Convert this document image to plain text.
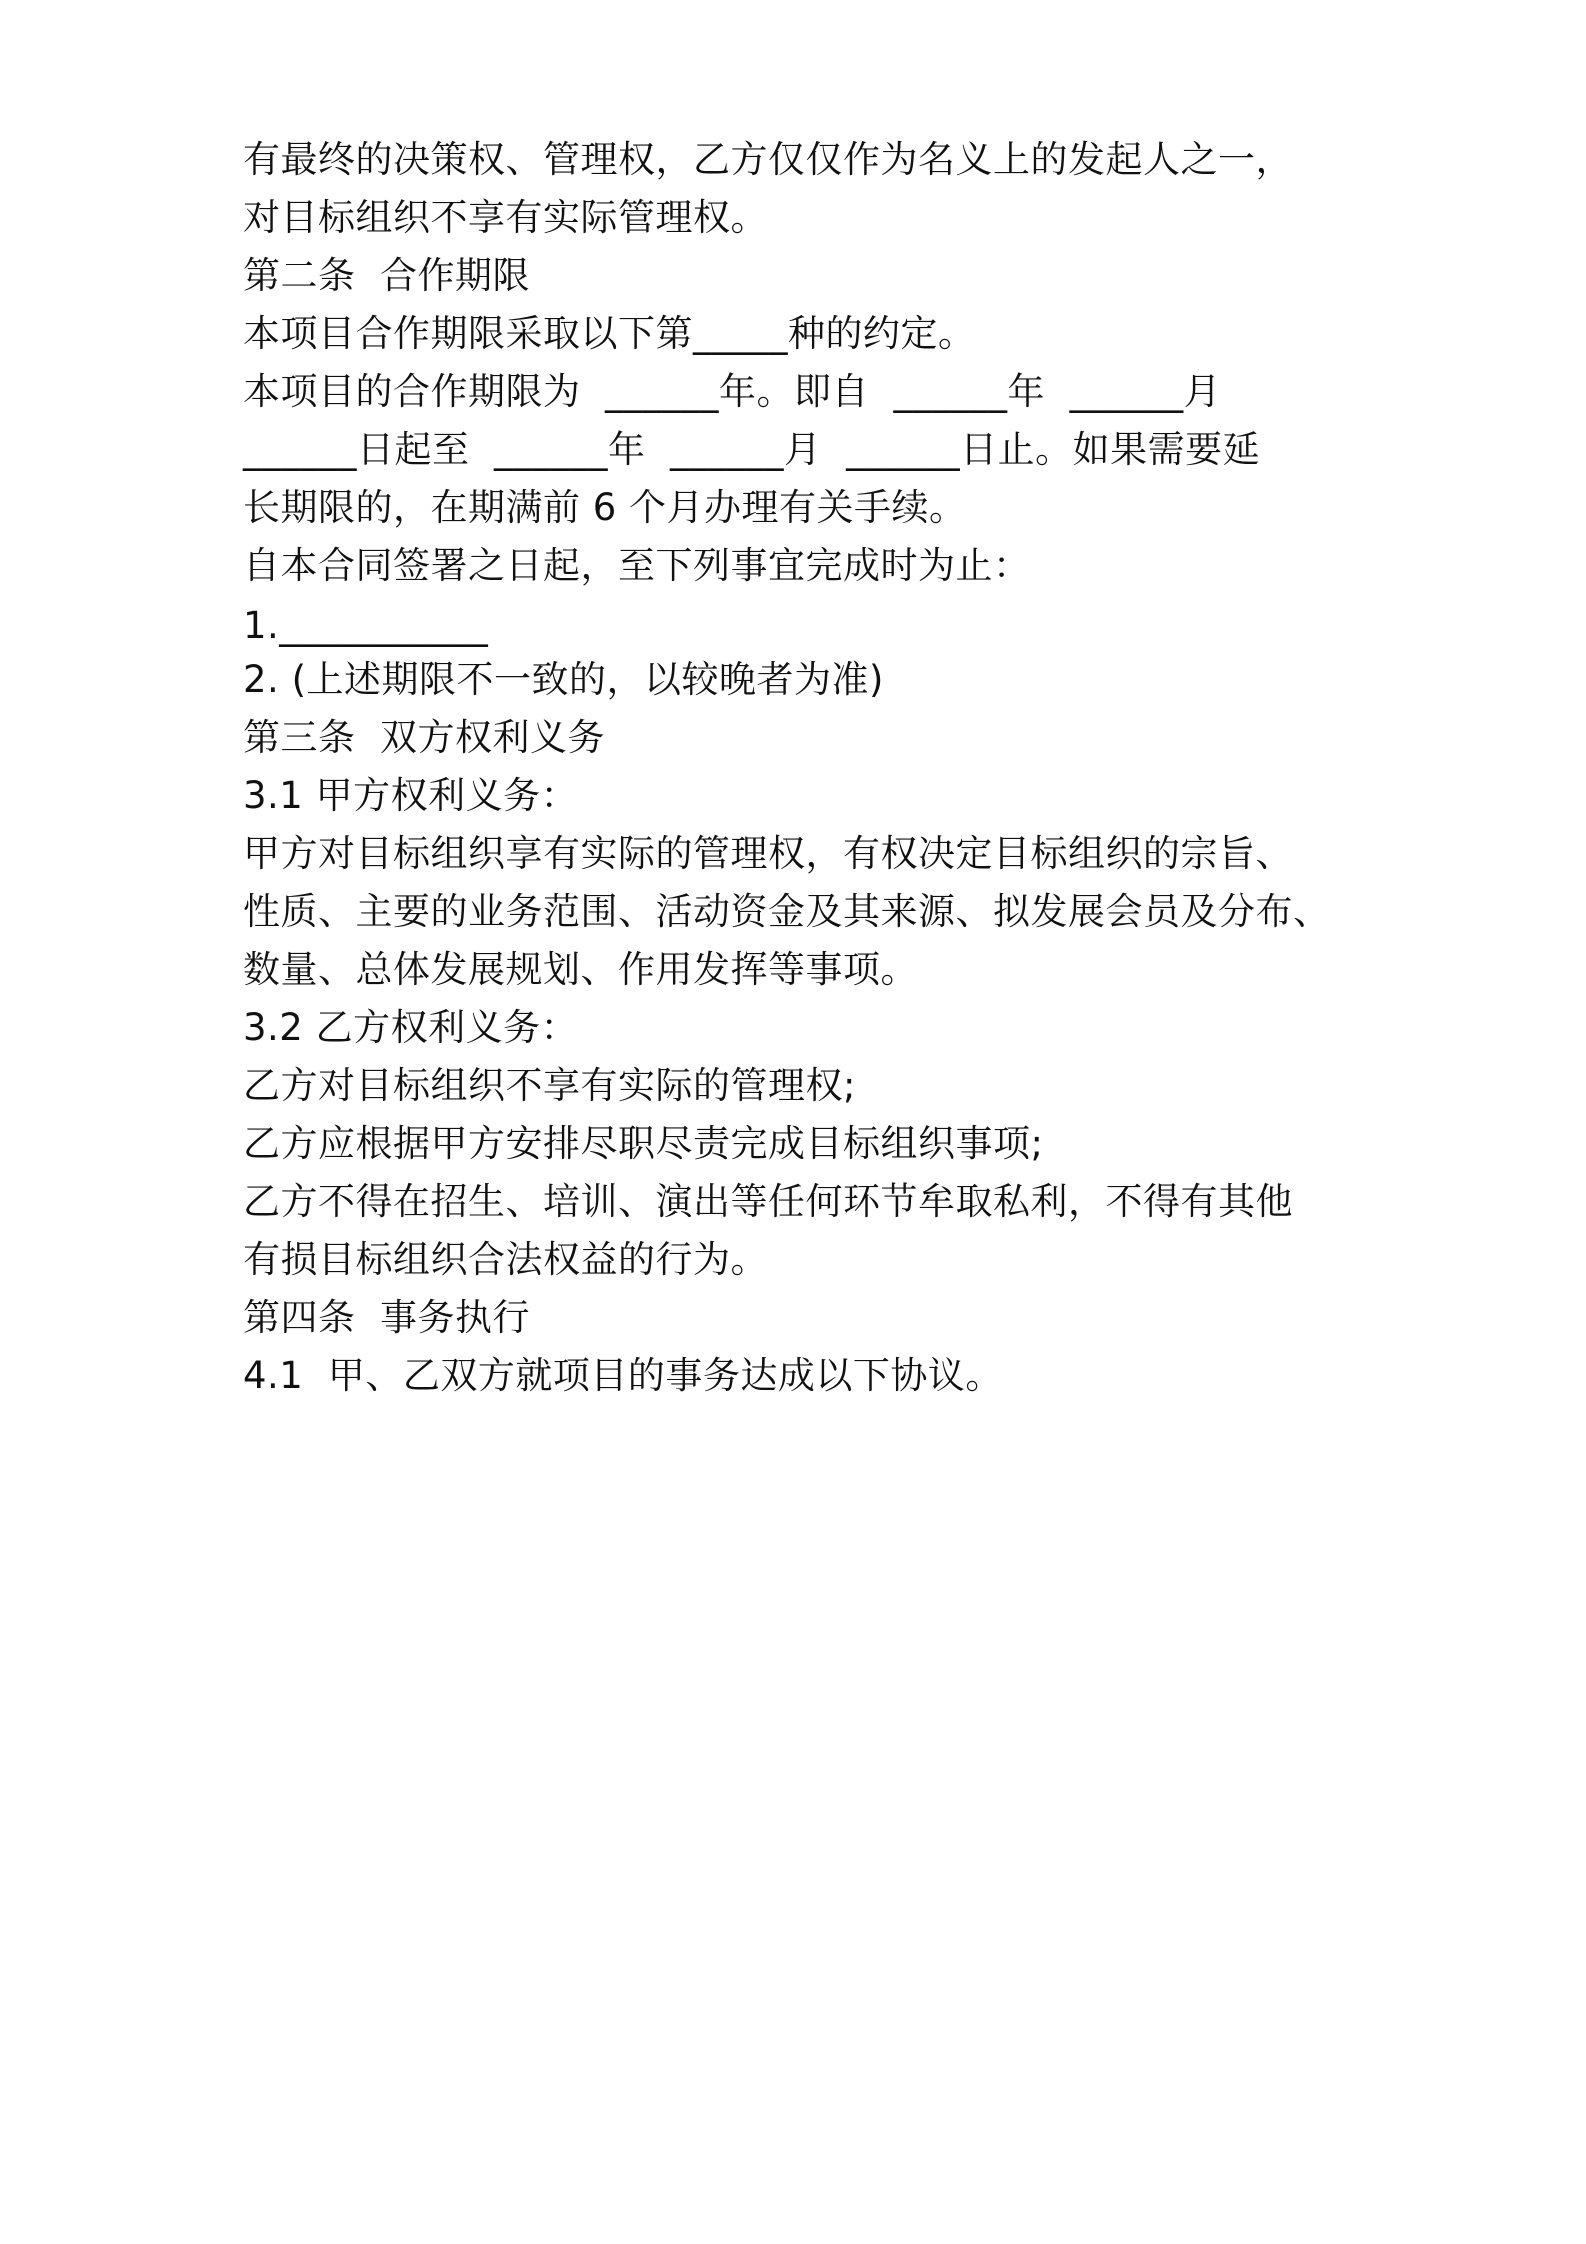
有最终的决策权、管理权，乙方仅仅作为名义上的发起人之一，

对目标组织不享有实际管理权。

第二条  合作期限

本项目合作期限采取以下第_____种的约定。

本项目的合作期限为  ______年。即自  ______年  ______月

______日起至  ______年  ______月  ______日止。如果需要延

长期限的，在期满前 6 个月办理有关手续。

自本合同签署之日起，至下列事宜完成时为止：

1.___________

2. (上述期限不一致的，以较晚者为准)

第三条  双方权利义务

3.1 甲方权利义务：

甲方对目标组织享有实际的管理权，有权决定目标组织的宗旨、

性质、主要的业务范围、活动资金及其来源、拟发展会员及分布、

数量、总体发展规划、作用发挥等事项。

3.2 乙方权利义务：

乙方对目标组织不享有实际的管理权;

乙方应根据甲方安排尽职尽责完成目标组织事项;

乙方不得在招生、培训、演出等任何环节牟取私利，不得有其他

有损目标组织合法权益的行为。

第四条  事务执行

4.1  甲、乙双方就项目的事务达成以下协议。
